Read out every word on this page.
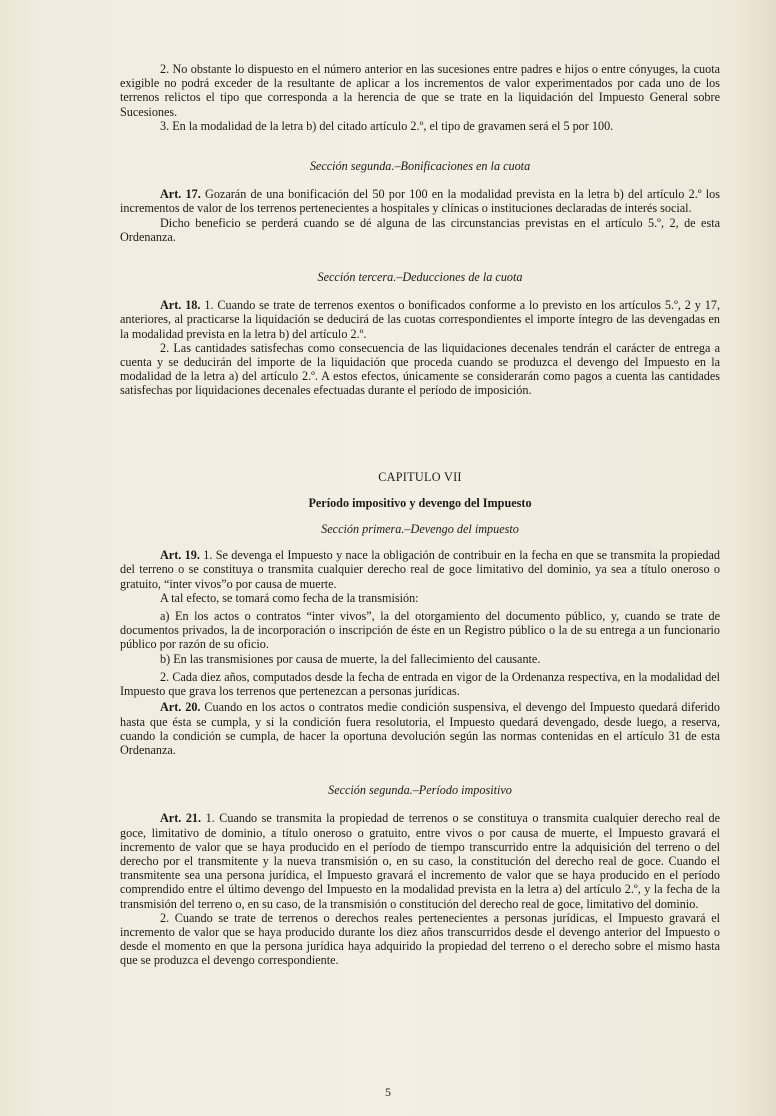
2. No obstante lo dispuesto en el número anterior en las sucesiones entre padres e hijos o entre cónyuges, la cuota exigible no podrá exceder de la resultante de aplicar a los incrementos de valor experimentados por cada uno de los terrenos relictos el tipo que corresponda a la herencia de que se trate en la liquidación del Impuesto General sobre Sucesiones.

3. En la modalidad de la letra b) del citado artículo 2.º, el tipo de gravamen será el 5 por 100.

Sección segunda.–Bonificaciones en la cuota

Art. 17. Gozarán de una bonificación del 50 por 100 en la modalidad prevista en la letra b) del artículo 2.º los incrementos de valor de los terrenos pertenecientes a hospitales y clínicas o instituciones declaradas de interés social.

Dicho beneficio se perderá cuando se dé alguna de las circunstancias previstas en el artículo 5.º, 2, de esta Ordenanza.

Sección tercera.–Deducciones de la cuota

Art. 18. 1. Cuando se trate de terrenos exentos o bonificados conforme a lo previsto en los artículos 5.º, 2 y 17, anteriores, al practicarse la liquidación se deducirá de las cuotas correspondientes el importe íntegro de las devengadas en la modalidad prevista en la letra b) del artículo 2.º.

2. Las cantidades satisfechas como consecuencia de las liquidaciones decenales tendrán el carácter de entrega a cuenta y se deducirán del importe de la liquidación que proceda cuando se produzca el devengo del Impuesto en la modalidad de la letra a) del artículo 2.º. A estos efectos, únicamente se considerarán como pagos a cuenta las cantidades satisfechas por liquidaciones decenales efectuadas durante el período de imposición.

CAPITULO VII

Período impositivo y devengo del Impuesto

Sección primera.–Devengo del impuesto

Art. 19. 1. Se devenga el Impuesto y nace la obligación de contribuir en la fecha en que se transmita la propiedad del terreno o se constituya o transmita cualquier derecho real de goce limitativo del dominio, ya sea a título oneroso o gratuito, “inter vivos”o por causa de muerte.

A tal efecto, se tomará como fecha de la transmisión:

a) En los actos o contratos “inter vivos”, la del otorgamiento del documento público, y, cuando se trate de documentos privados, la de incorporación o inscripción de éste en un Registro público o la de su entrega a un funcionario público por razón de su oficio.

b) En las transmisiones por causa de muerte, la del fallecimiento del causante.

2. Cada diez años, computados desde la fecha de entrada en vigor de la Ordenanza respectiva, en la modalidad del Impuesto que grava los terrenos que pertenezcan a personas jurídicas.

Art. 20. Cuando en los actos o contratos medie condición suspensiva, el devengo del Impuesto quedará diferido hasta que ésta se cumpla, y si la condición fuera resolutoria, el Impuesto quedará devengado, desde luego, a reserva, cuando la condición se cumpla, de hacer la oportuna devolución según las normas contenidas en el artículo 31 de esta Ordenanza.

Sección segunda.–Período impositivo

Art. 21. 1. Cuando se transmita la propiedad de terrenos o se constituya o transmita cualquier derecho real de goce, limitativo de dominio, a título oneroso o gratuito, entre vivos o por causa de muerte, el Impuesto gravará el incremento de valor que se haya producido en el período de tiempo transcurrido entre la adquisición del terreno o del derecho por el transmitente y la nueva transmisión o, en su caso, la constitución del derecho real de goce. Cuando el transmitente sea una persona jurídica, el Impuesto gravará el incremento de valor que se haya producido en el período comprendido entre el último devengo del Impuesto en la modalidad prevista en la letra a) del artículo 2.º, y la fecha de la transmisión del terreno o, en su caso, de la transmisión o constitución del derecho real de goce, limitativo del dominio.

2. Cuando se trate de terrenos o derechos reales pertenecientes a personas jurídicas, el Impuesto gravará el incremento de valor que se haya producido durante los diez años transcurridos desde el devengo anterior del Impuesto o desde el momento en que la persona jurídica haya adquirido la propiedad del terreno o el derecho sobre el mismo hasta que se produzca el devengo correspondiente.

5
